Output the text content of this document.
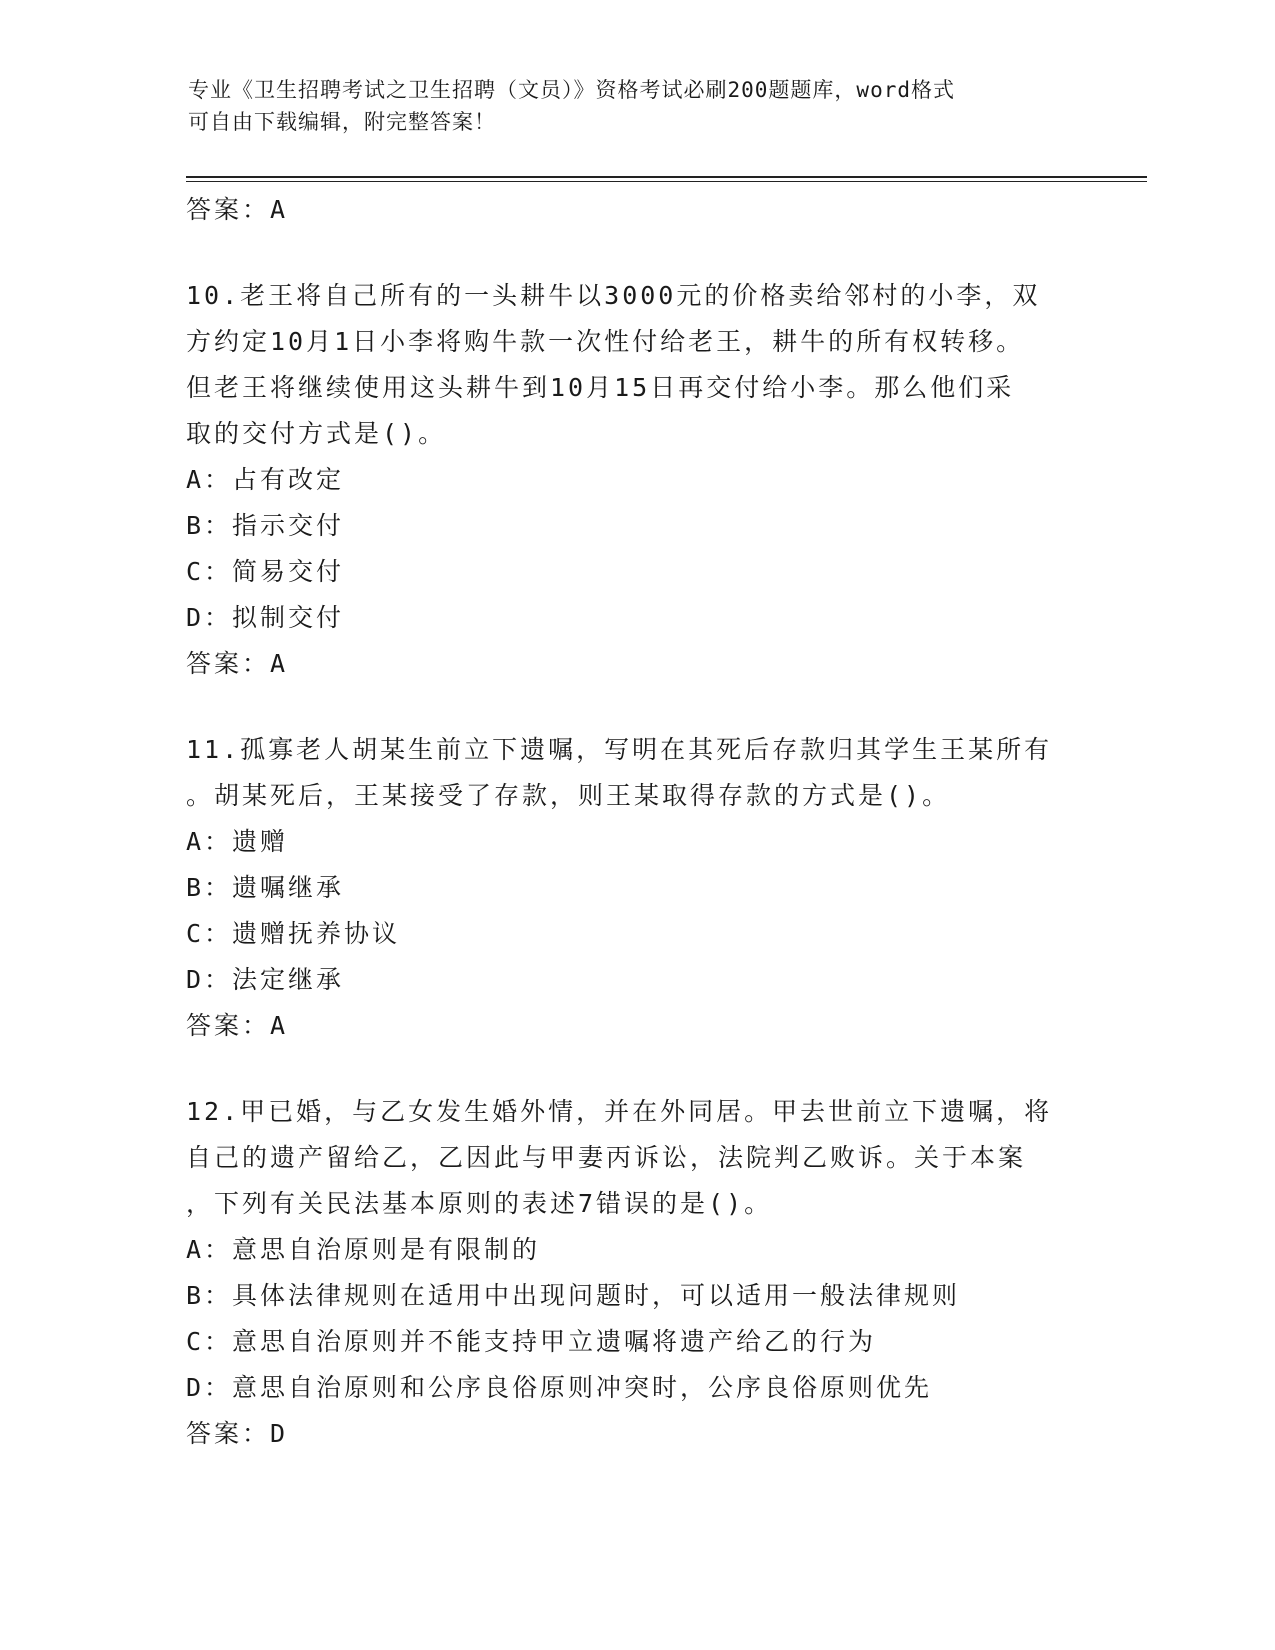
专业《卫生招聘考试之卫生招聘（文员）》资格考试必刷200题题库，word格式
可自由下载编辑，附完整答案！
答案：A
10.老王将自己所有的一头耕牛以3000元的价格卖给邻村的小李，双
方约定10月1日小李将购牛款一次性付给老王，耕牛的所有权转移。
但老王将继续使用这头耕牛到10月15日再交付给小李。那么他们采
取的交付方式是()。
A：占有改定
B：指示交付
C：简易交付
D：拟制交付
答案：A
11.孤寡老人胡某生前立下遗嘱，写明在其死后存款归其学生王某所有
。胡某死后，王某接受了存款，则王某取得存款的方式是()。
A：遗赠
B：遗嘱继承
C：遗赠抚养协议
D：法定继承
答案：A
12.甲已婚，与乙女发生婚外情，并在外同居。甲去世前立下遗嘱，将
自己的遗产留给乙，乙因此与甲妻丙诉讼，法院判乙败诉。关于本案
，下列有关民法基本原则的表述7错误的是()。
A：意思自治原则是有限制的
B：具体法律规则在适用中出现问题时，可以适用一般法律规则
C：意思自治原则并不能支持甲立遗嘱将遗产给乙的行为
D：意思自治原则和公序良俗原则冲突时，公序良俗原则优先
答案：D
